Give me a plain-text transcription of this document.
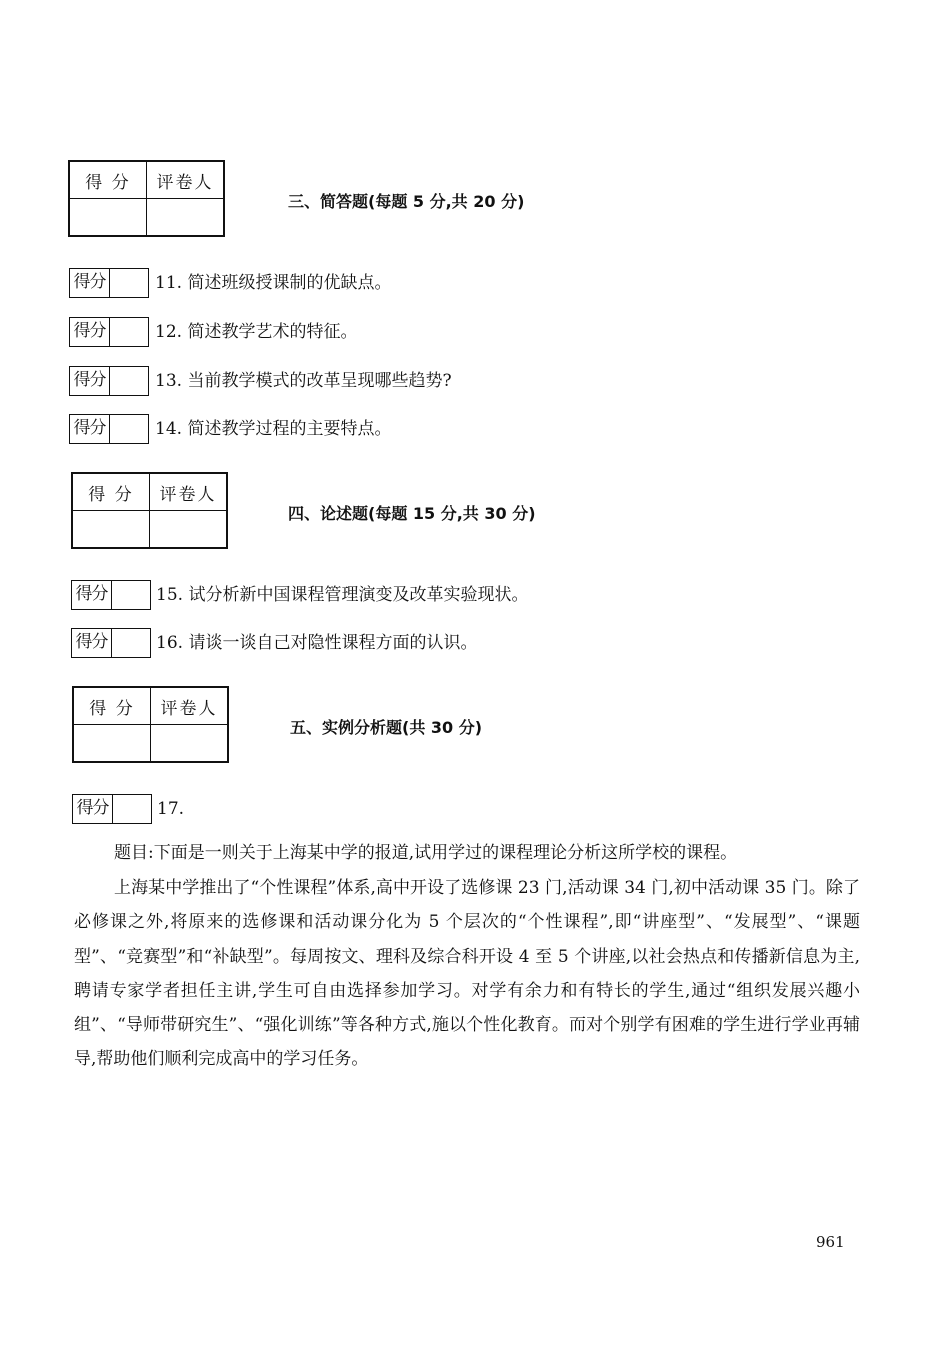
得 分	评卷人

三、简答题(每题 5 分,共 20 分)
得分	11. 简述班级授课制的优缺点。
得分	12. 简述教学艺术的特征。
得分	13. 当前教学模式的改革呈现哪些趋势?
得分	14. 简述教学过程的主要特点。
得 分	评卷人

四、论述题(每题 15 分,共 30 分)
得分	15. 试分析新中国课程管理演变及改革实验现状。
得分	16. 请谈一谈自己对隐性课程方面的认识。
得 分	评卷人

五、实例分析题(共 30 分)
得分	17.

题目:下面是一则关于上海某中学的报道,试用学过的课程理论分析这所学校的课程。

上海某中学推出了“个性课程”体系,高中开设了选修课 23 门,活动课 34 门,初中活动课 35 门。除了必修课之外,将原来的选修课和活动课分化为 5 个层次的“个性课程”,即“讲座型”、“发展型”、“课题型”、“竞赛型”和“补缺型”。每周按文、理科及综合科开设 4 至 5 个讲座,以社会热点和传播新信息为主,聘请专家学者担任主讲,学生可自由选择参加学习。对学有余力和有特长的学生,通过“组织发展兴趣小组”、“导师带研究生”、“强化训练”等各种方式,施以个性化教育。而对个别学有困难的学生进行学业再辅导,帮助他们顺利完成高中的学习任务。

961
